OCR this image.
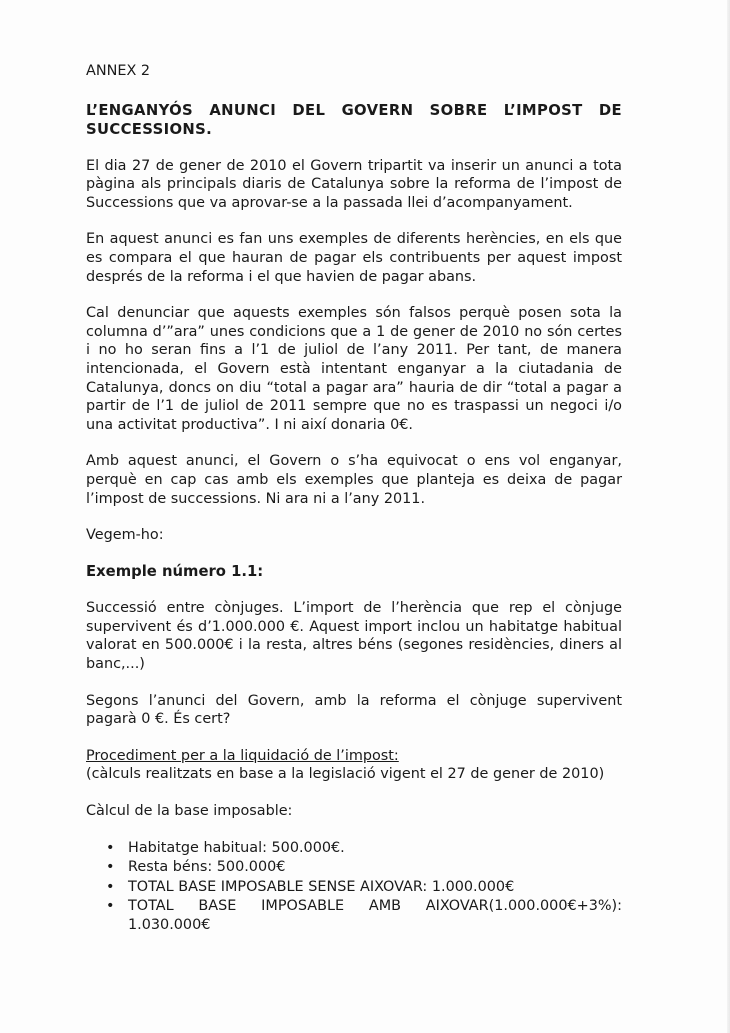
ANNEX 2

L’ENGANYÓS ANUNCI DEL GOVERN SOBRE L’IMPOST DE SUCCESSIONS.

El dia 27 de gener de 2010 el Govern tripartit va inserir un anunci a tota pàgina als principals diaris de Catalunya sobre la reforma de l’impost de Successions que va aprovar-se a la passada llei d’acompanyament.

En aquest anunci es fan uns exemples de diferents herències, en els que es compara el que hauran de pagar els contribuents per aquest impost després de la reforma i el que havien de pagar abans.

Cal denunciar que aquests exemples són falsos perquè posen sota la columna d’”ara” unes condicions que a 1 de gener de 2010 no són certes i no ho seran fins a l’1 de juliol de l’any 2011. Per tant, de manera intencionada, el Govern està intentant enganyar a la ciutadania de Catalunya, doncs on diu “total a pagar ara” hauria de dir “total a pagar a partir de l’1 de juliol de 2011 sempre que no es traspassi un negoci i/o una activitat productiva”. I ni així donaria 0€.

Amb aquest anunci, el Govern o s’ha equivocat o ens vol enganyar, perquè en cap cas amb els exemples que planteja es deixa de pagar l’impost de successions. Ni ara ni a l’any 2011.

Vegem-ho:

Exemple número 1.1:

Successió entre cònjuges. L’import de l’herència que rep el cònjuge supervivent és d’1.000.000 €. Aquest import inclou un habitatge habitual valorat en 500.000€ i la resta, altres béns (segones residències, diners al banc,...)

Segons l’anunci del Govern, amb la reforma el cònjuge supervivent pagarà 0 €. És cert?

Procediment per a la liquidació de l’impost:

(càlculs realitzats en base a la legislació vigent el 27 de gener de 2010)

Càlcul de la base imposable:

• Habitatge habitual: 500.000€.
• Resta béns: 500.000€
• TOTAL BASE IMPOSABLE SENSE AIXOVAR: 1.000.000€
• TOTAL BASE IMPOSABLE AMB AIXOVAR(1.000.000€+3%): 1.030.000€
